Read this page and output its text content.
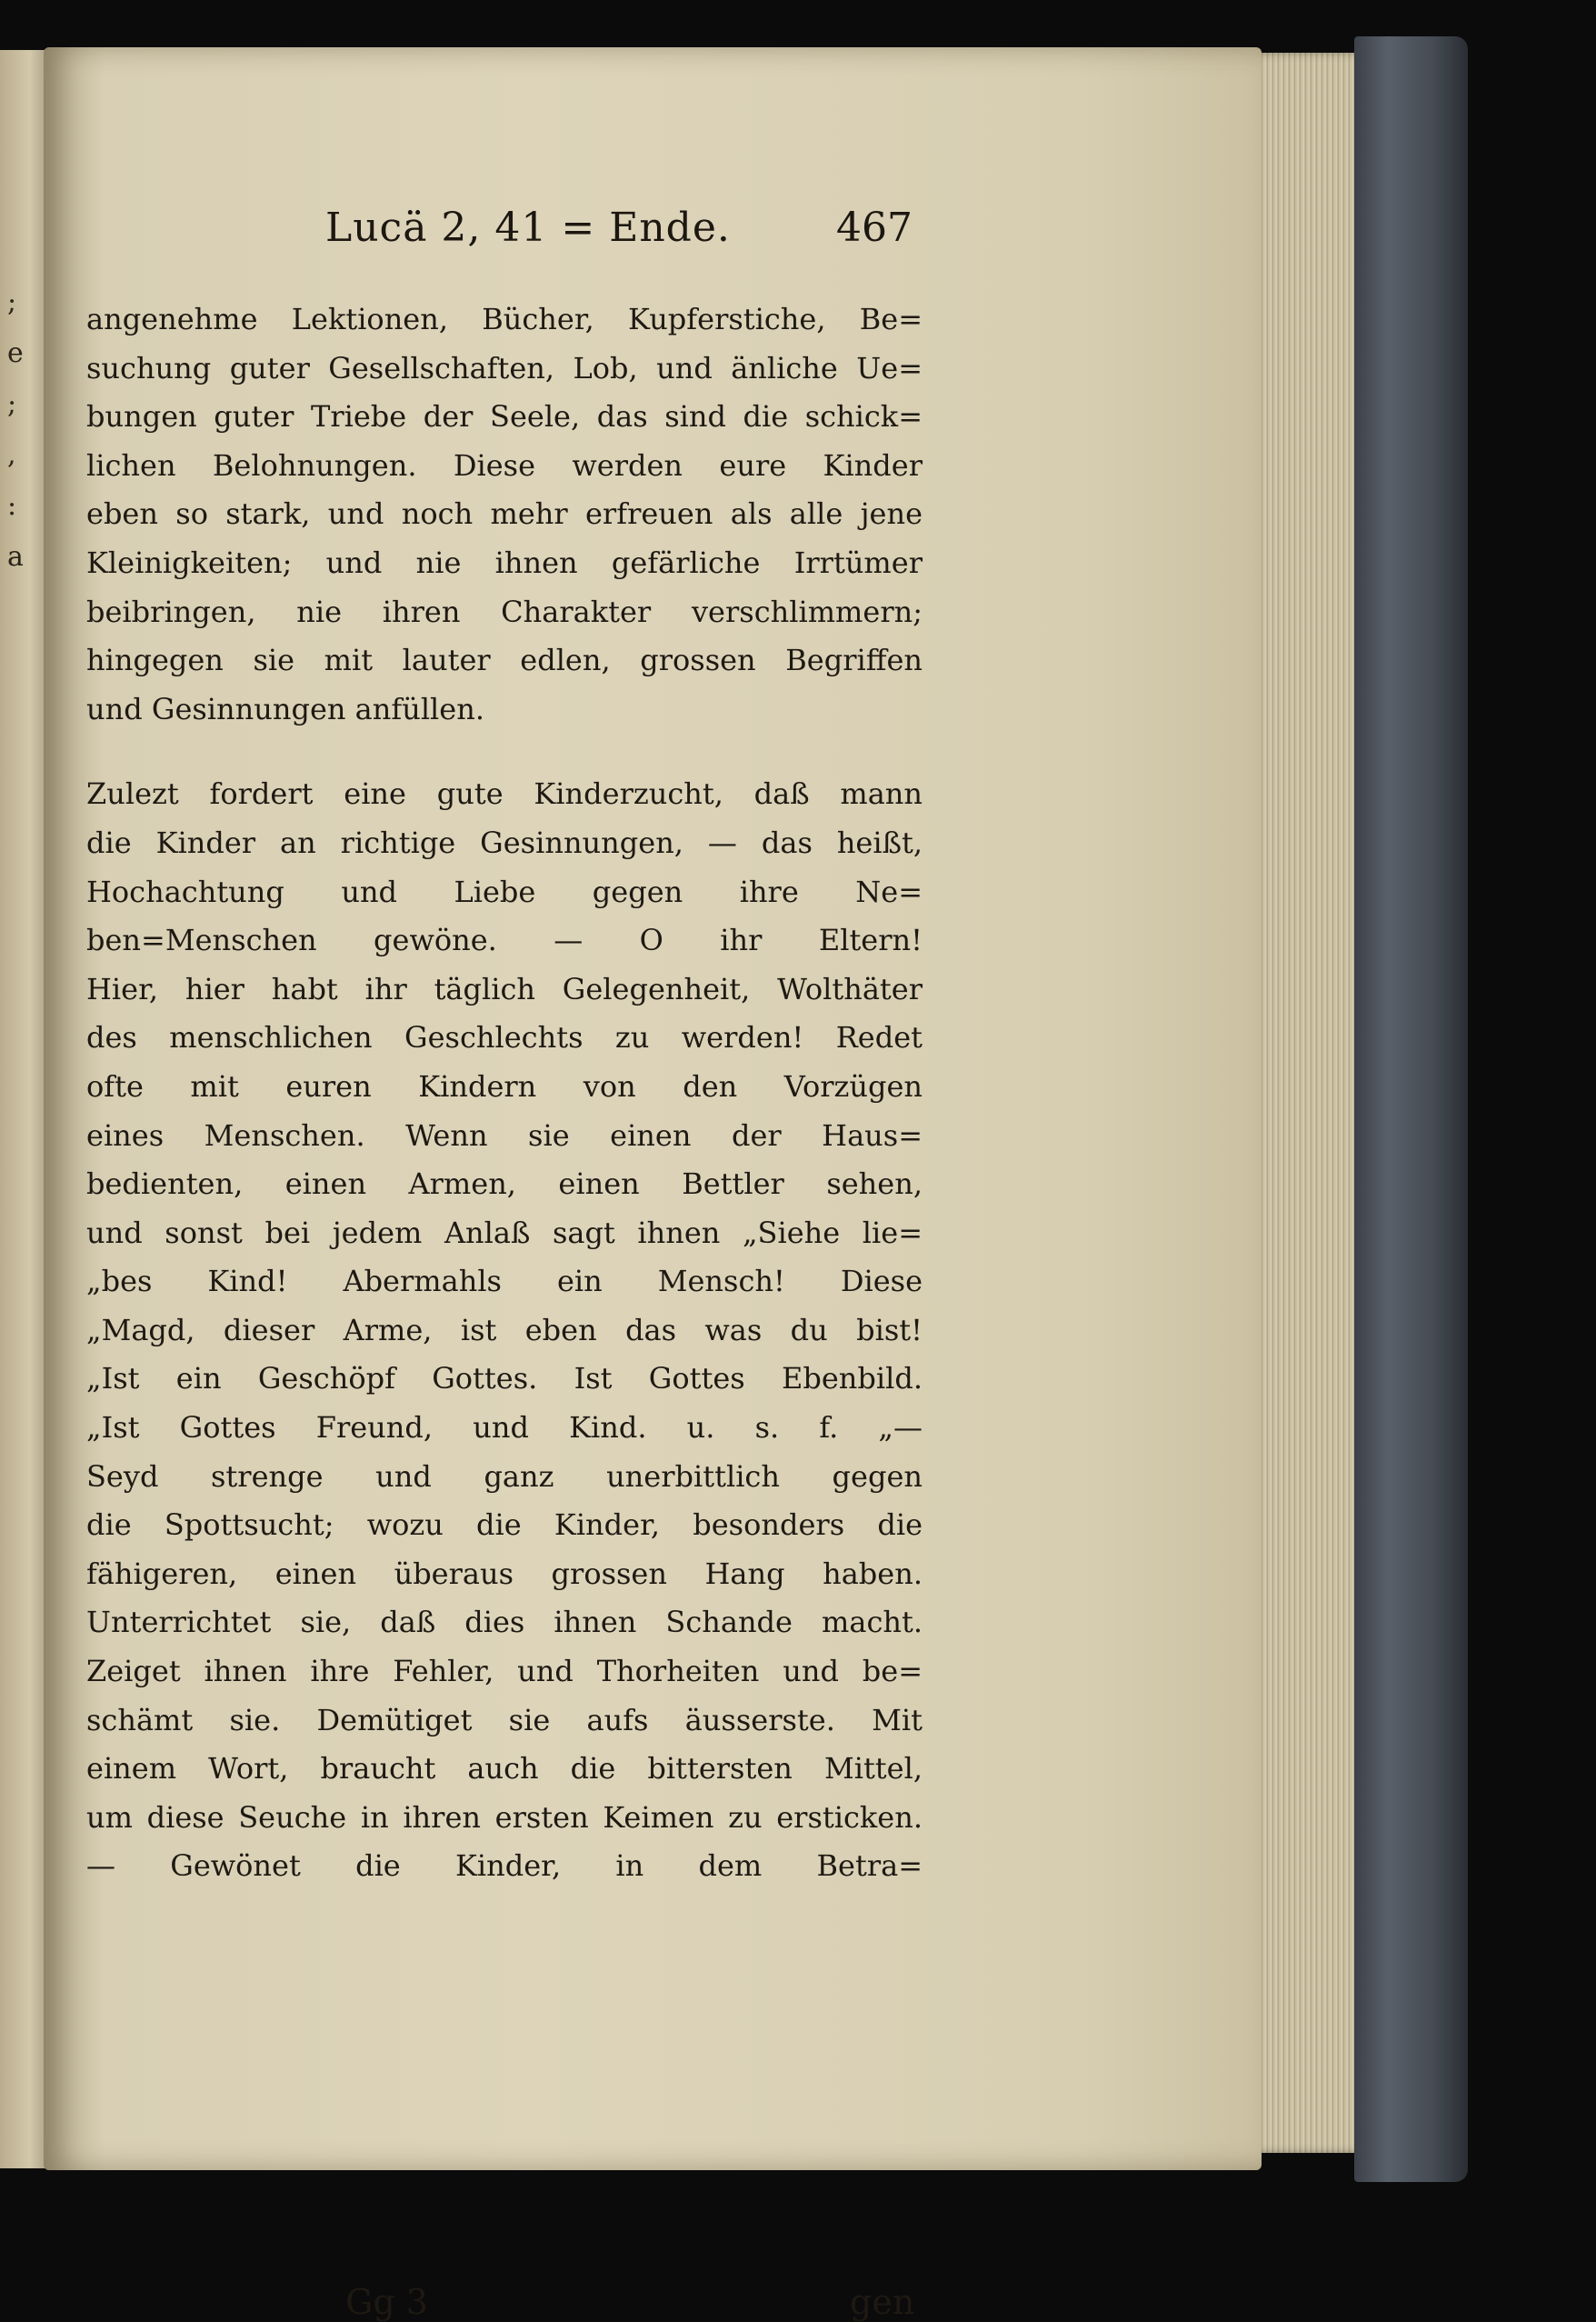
;
e
;
,
:
a
Lucä 2, 41 = Ende.	467
angenehme Lektionen, Bücher, Kupferstiche, Be=
suchung guter Gesellschaften, Lob, und änliche Ue=
bungen guter Triebe der Seele, das sind die schick=
lichen Belohnungen. Diese werden eure Kinder
eben so stark, und noch mehr erfreuen als alle jene
Kleinigkeiten; und nie ihnen gefärliche Irrtümer
beibringen, nie ihren Charakter verschlimmern;
hingegen sie mit lauter edlen, grossen Begriffen
und Gesinnungen anfüllen.
Zulezt fordert eine gute Kinderzucht, daß mann
die Kinder an richtige Gesinnungen, — das heißt,
Hochachtung und Liebe gegen ihre Ne=
ben=Menschen gewöne. — O ihr Eltern!
Hier, hier habt ihr täglich Gelegenheit, Wolthäter
des menschlichen Geschlechts zu werden! Redet
ofte mit euren Kindern von den Vorzügen
eines Menschen. Wenn sie einen der Haus=
bedienten, einen Armen, einen Bettler sehen,
und sonst bei jedem Anlaß sagt ihnen „Siehe lie=
„bes Kind! Abermahls ein Mensch! Diese
„Magd, dieser Arme, ist eben das was du bist!
„Ist ein Geschöpf Gottes. Ist Gottes Ebenbild.
„Ist Gottes Freund, und Kind. u. s. f. „—
Seyd strenge und ganz unerbittlich gegen
die Spottsucht; wozu die Kinder, besonders die
fähigeren, einen überaus grossen Hang haben.
Unterrichtet sie, daß dies ihnen Schande macht.
Zeiget ihnen ihre Fehler, und Thorheiten und be=
schämt sie. Demütiget sie aufs äusserste. Mit
einem Wort, braucht auch die bittersten Mittel,
um diese Seuche in ihren ersten Keimen zu ersticken.
— Gewönet die Kinder, in dem Betra=
Gg 3	gen
